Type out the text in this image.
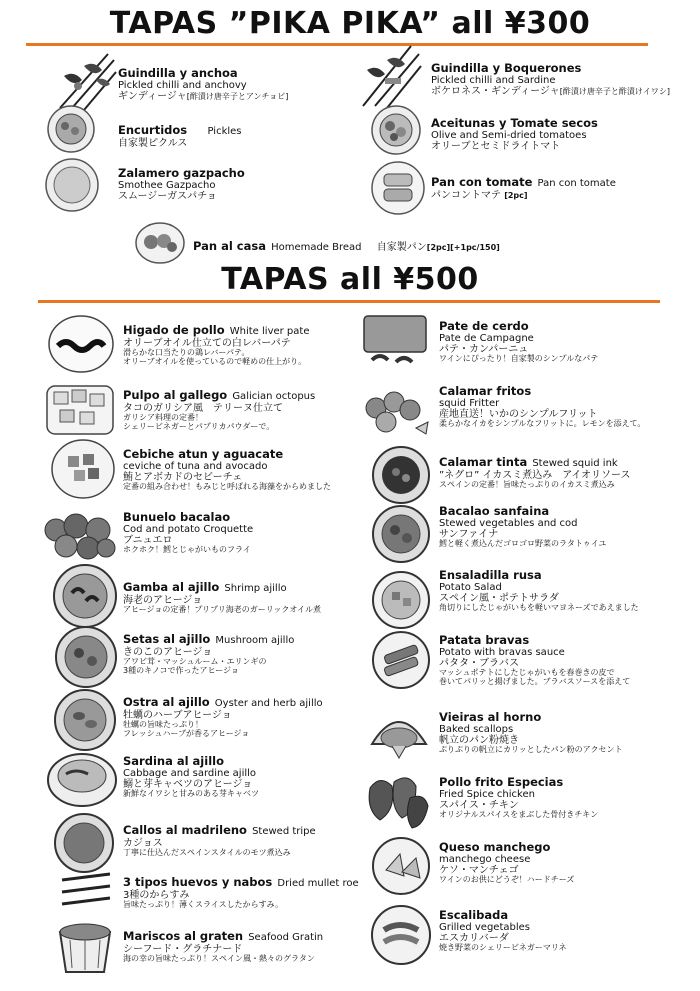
TAPAS ”PIKA PIKA” all ¥300
TAPAS all ¥500
Guindilla y anchoa
Pickled chilli and anchovy
ギンディージャ[酢漬け唐辛子とアンチョビ]
Guindilla y Boquerones
Pickled chilli and Sardine
ボケロネス・ギンディージャ[酢漬け唐辛子と酢漬けイワシ]
Encurtidos Pickles
自家製ピクルス
Aceitunas y Tomate secos
Olive and Semi-dried tomatoes
オリーブとセミドライトマト
Zalamero gazpacho
Smothee Gazpacho
スムージーガスパチョ
Pan con tomate Pan con tomate
パンコントマテ [2pc]
Pan al casa Homemade Bread 自家製パン[2pc][+1pc/150]
Higado de pollo White liver pate
オリーブオイル仕立ての白レバーパテ
滑らかな口当たりの鶏レバーパテ。
オリーブオイルを使っているので軽めの仕上がり。
Pulpo al gallego Galician octopus
タコのガリシア風　テリーヌ仕立て
ガリシア料理の定番！
シェリービネガーとパプリカパウダーで。
Cebiche atun y aguacate
ceviche of tuna and avocado
鮪とアボカドのセビーチェ
定番の組み合わせ！もみじと呼ばれる海藻をからめました
Bunuelo bacalao
Cod and potato Croquette
ブニュエロ
ホクホク！鱈とじゃがいものフライ
Gamba al ajillo Shrimp ajillo
海老のアヒージョ
アヒージョの定番！プリプリ海老のガーリックオイル煮
Setas al ajillo Mushroom ajillo
きのこのアヒージョ
アワビ茸・マッシュルーム・エリンギの
3種のキノコで作ったアヒージョ
Ostra al ajillo Oyster and herb ajillo
牡蠣のハーブアヒージョ
牡蠣の旨味たっぷり！
フレッシュハーブが香るアヒージョ
Sardina al ajillo
Cabbage and sardine ajillo
鰯と芽キャベツのアヒージョ
新鮮なイワシと甘みのある芽キャベツ
Callos al madrileno Stewed tripe
カジョス
丁寧に仕込んだスペインスタイルのモツ煮込み
3 tipos huevos y nabos Dried mullet roe
3種のからすみ
旨味たっぷり！薄くスライスしたからすみ。
Mariscos al graten Seafood Gratin
シーフード・グラチナード
海の幸の旨味たっぷり！スペイン風・熱々のグラタン
Pate de cerdo
Pate de Campagne
パテ・カンパーニュ
ワインにぴったり！自家製のシンプルなパテ
Calamar fritos
squid Fritter
産地直送！いかのシンプルフリット
柔らかなイカをシンプルなフリットに。レモンを添えて。
Calamar tinta Stewed squid ink
”ネグロ” イカスミ煮込み　アイオリソース
スペインの定番！旨味たっぷりのイカスミ煮込み
Bacalao sanfaina
Stewed vegetables and cod
サンファイナ
鱈と軽く煮込んだゴロゴロ野菜のラタトゥイユ
Ensaladilla rusa
Potato Salad
スペイン風・ポテトサラダ
角切りにしたじゃがいもを軽いマヨネーズであえました
Patata bravas
Potato with bravas sauce
パタタ・ブラバス
マッシュポテトにしたじゃがいもを春巻きの皮で
巻いてパリッと揚げました。ブラバスソースを添えて
Vieiras al horno
Baked scallops
帆立のパン粉焼き
ぷりぷりの帆立にカリッとしたパン粉のアクセント
Pollo frito Especias
Fried Spice chicken
スパイス・チキン
オリジナルスパイスをまぶした骨付きチキン
Queso manchego
manchego cheese
ケソ・マンチェゴ
ワインのお供にどうぞ！ハードチーズ
Escalibada
Grilled vegetables
エスカリバーダ
焼き野菜のシェリービネガーマリネ
